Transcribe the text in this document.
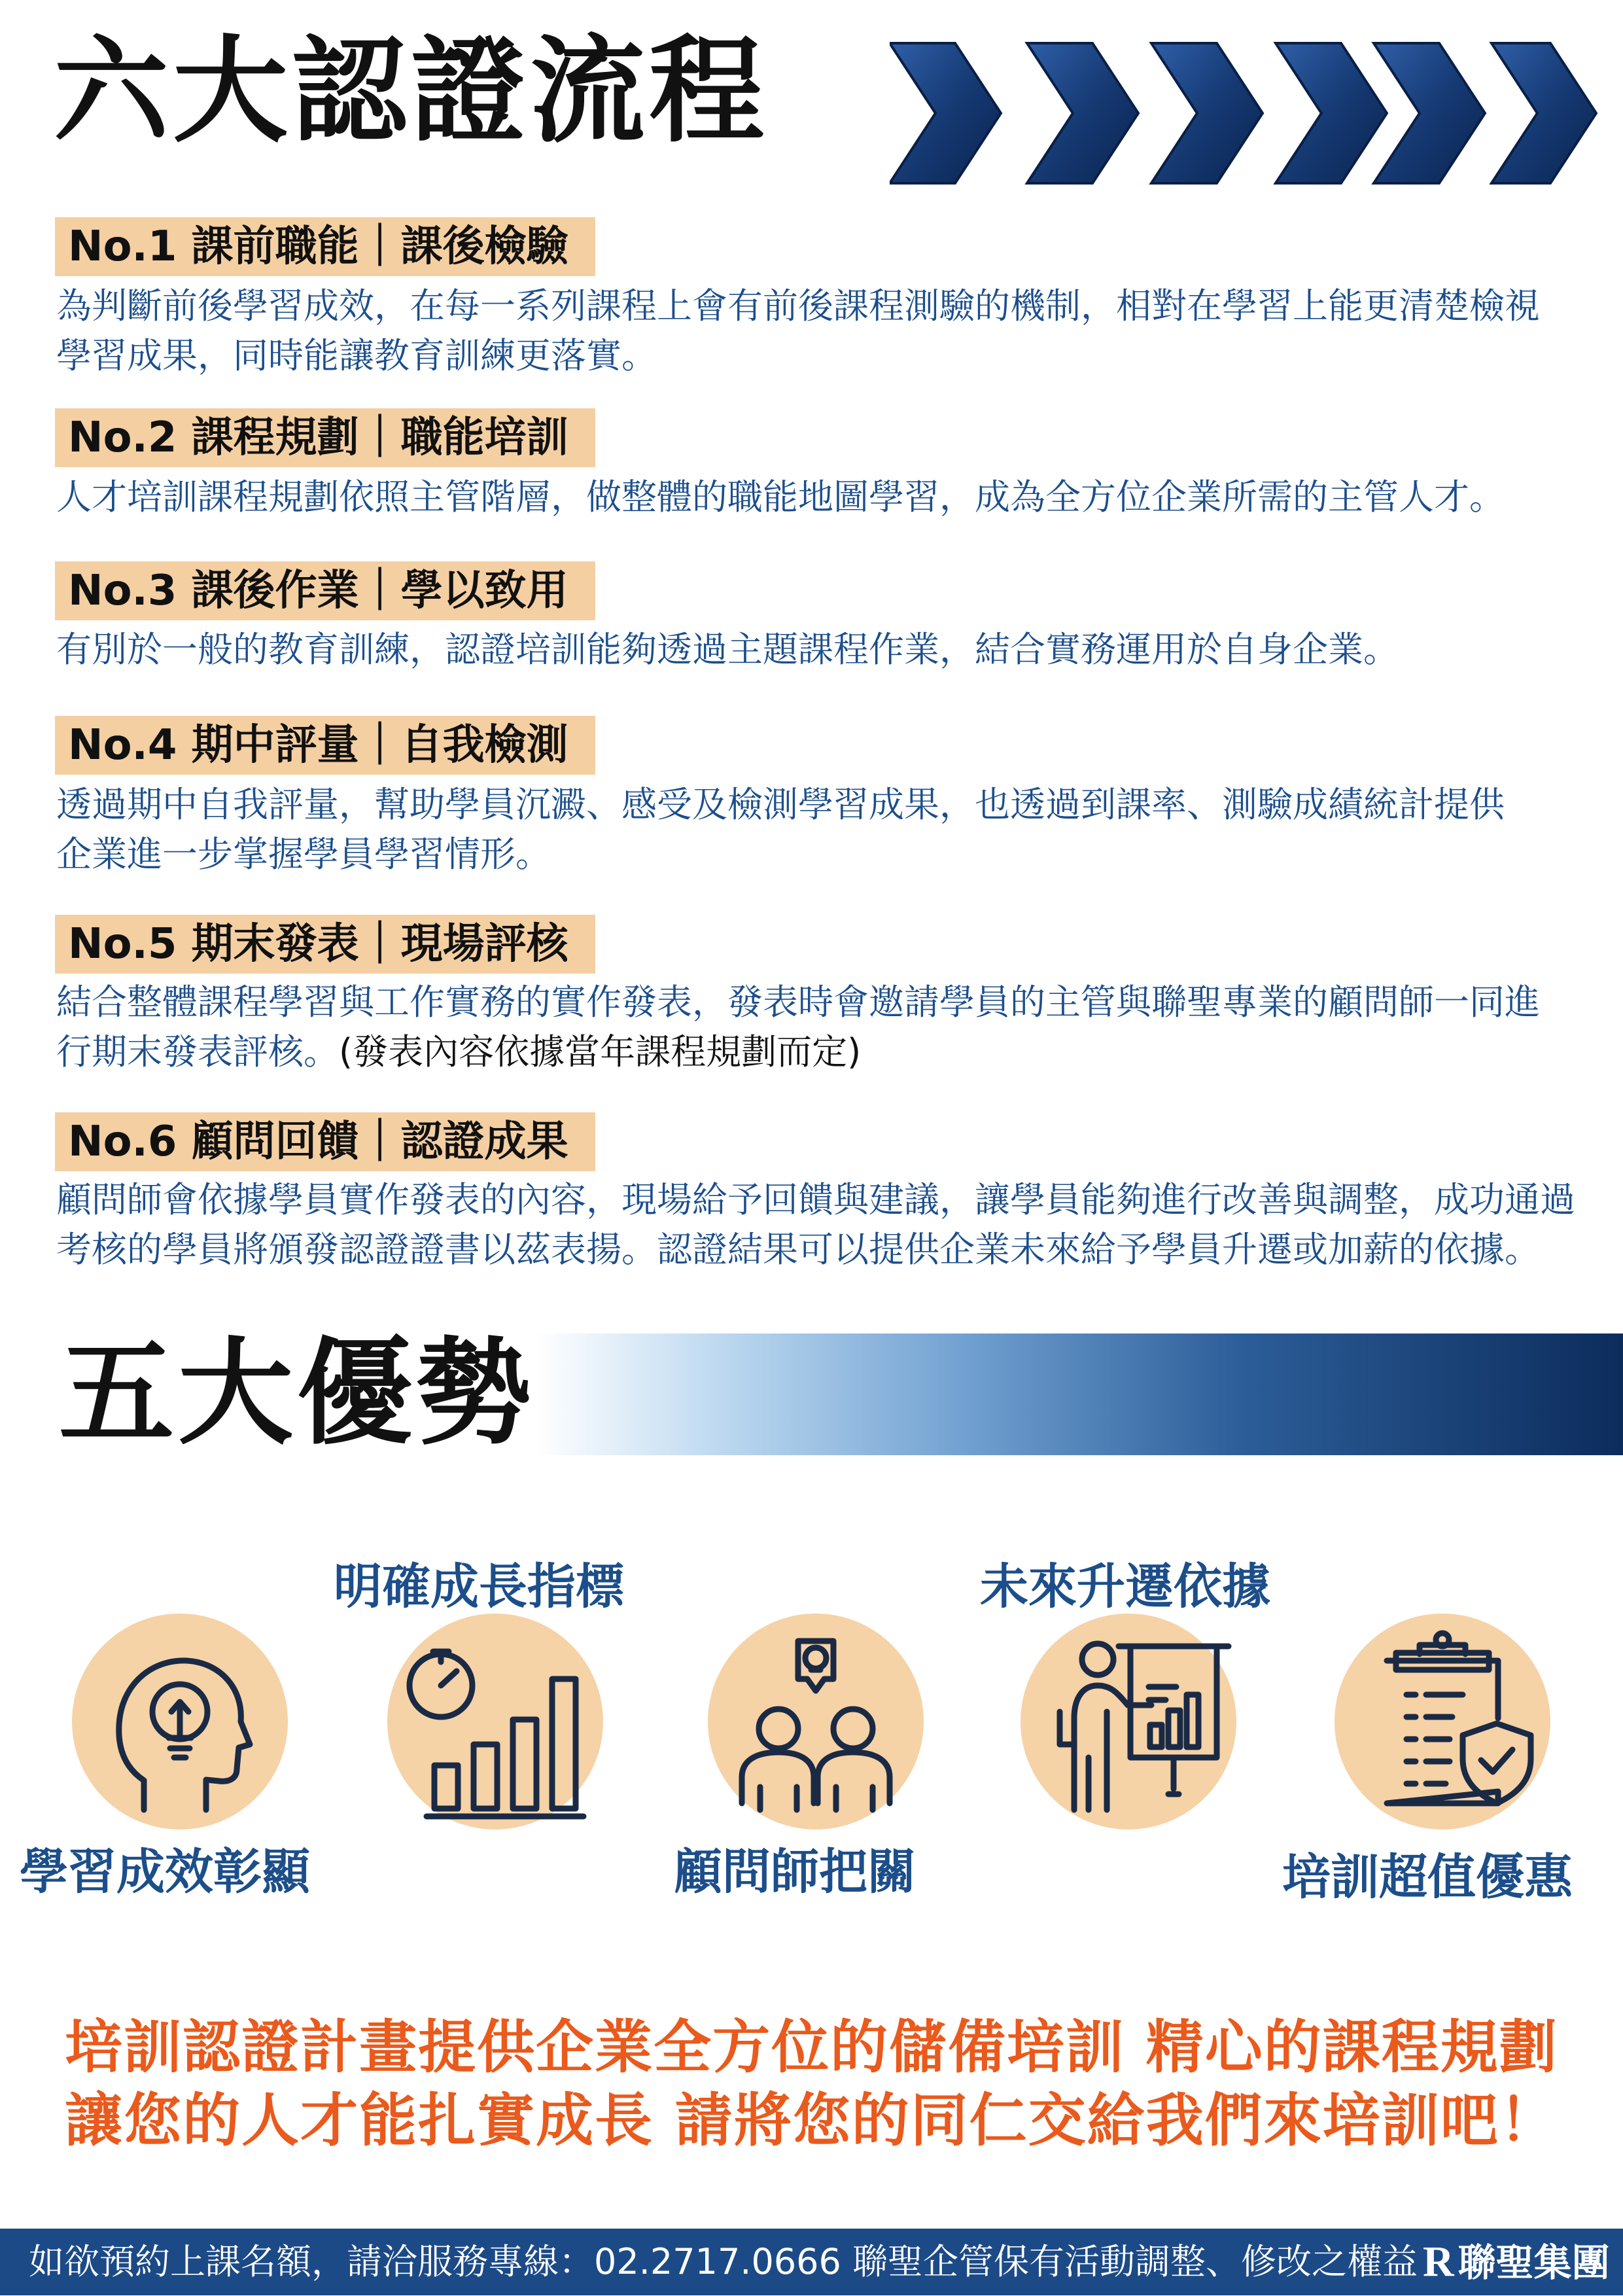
六大認證流程
No.1 課前職能｜課後檢驗
為判斷前後學習成效，在每一系列課程上會有前後課程測驗的機制，相對在學習上能更清楚檢視
學習成果，同時能讓教育訓練更落實。
No.2 課程規劃｜職能培訓
人才培訓課程規劃依照主管階層，做整體的職能地圖學習，成為全方位企業所需的主管人才。
No.3 課後作業｜學以致用
有別於一般的教育訓練，認證培訓能夠透過主題課程作業，結合實務運用於自身企業。
No.4 期中評量｜自我檢測
透過期中自我評量，幫助學員沉澱、感受及檢測學習成果，也透過到課率、測驗成績統計提供
企業進一步掌握學員學習情形。
No.5 期末發表｜現場評核
結合整體課程學習與工作實務的實作發表，發表時會邀請學員的主管與聯聖專業的顧問師一同進
行期末發表評核。(發表內容依據當年課程規劃而定)
No.6 顧問回饋｜認證成果
顧問師會依據學員實作發表的內容，現場給予回饋與建議，讓學員能夠進行改善與調整，成功通過
考核的學員將頒發認證證書以茲表揚。認證結果可以提供企業未來給予學員升遷或加薪的依據。
五大優勢
學習成效彰顯
明確成長指標
顧問師把關
未來升遷依據
培訓超值優惠
培訓認證計畫提供企業全方位的儲備培訓 精心的課程規劃
讓您的人才能扎實成長 請將您的同仁交給我們來培訓吧！
如欲預約上課名額，請洽服務專線：02.2717.0666 聯聖企管保有活動調整、修改之權益 R 聯聖集團
